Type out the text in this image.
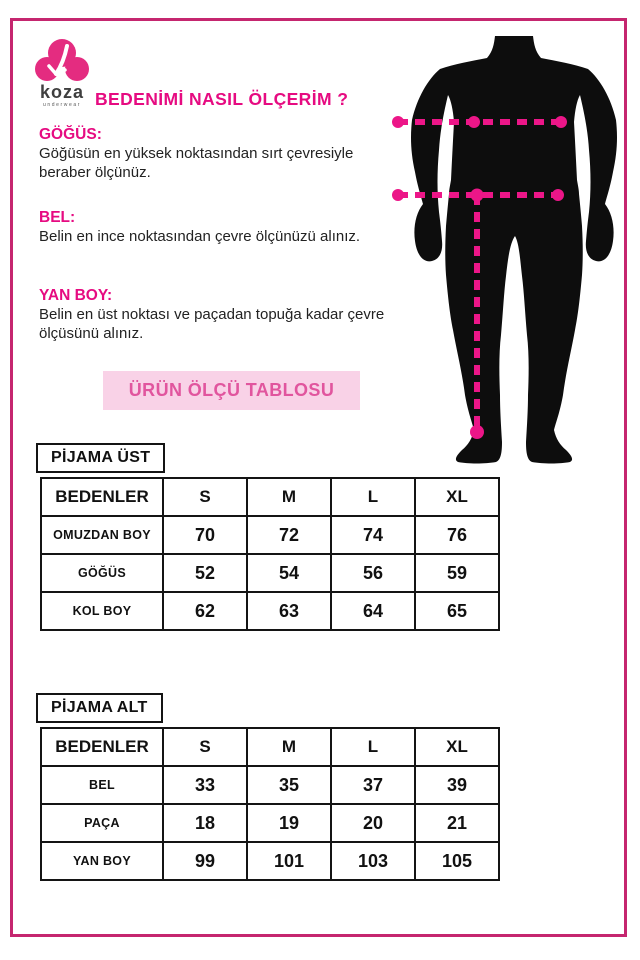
koza
underwear BEDENİMİ NASIL ÖLÇERİM ?
GÖĞÜS:
Göğüsün en yüksek noktasından sırt çevresiyle beraber ölçünüz.
BEL:
Belin en ince noktasından çevre ölçünüzü alınız.
YAN BOY:
Belin en üst noktası ve paçadan topuğa kadar çevre ölçüsünü alınız.
ÜRÜN ÖLÇÜ TABLOSU
PİJAMA ÜST
BEDENLER	S	M	L	XL
OMUZDAN BOY	70	72	74	76
GÖĞÜS	52	54	56	59
KOL BOY	62	63	64	65
PİJAMA ALT
BEDENLER	S	M	L	XL
BEL	33	35	37	39
PAÇA	18	19	20	21
YAN BOY	99	101	103	105
